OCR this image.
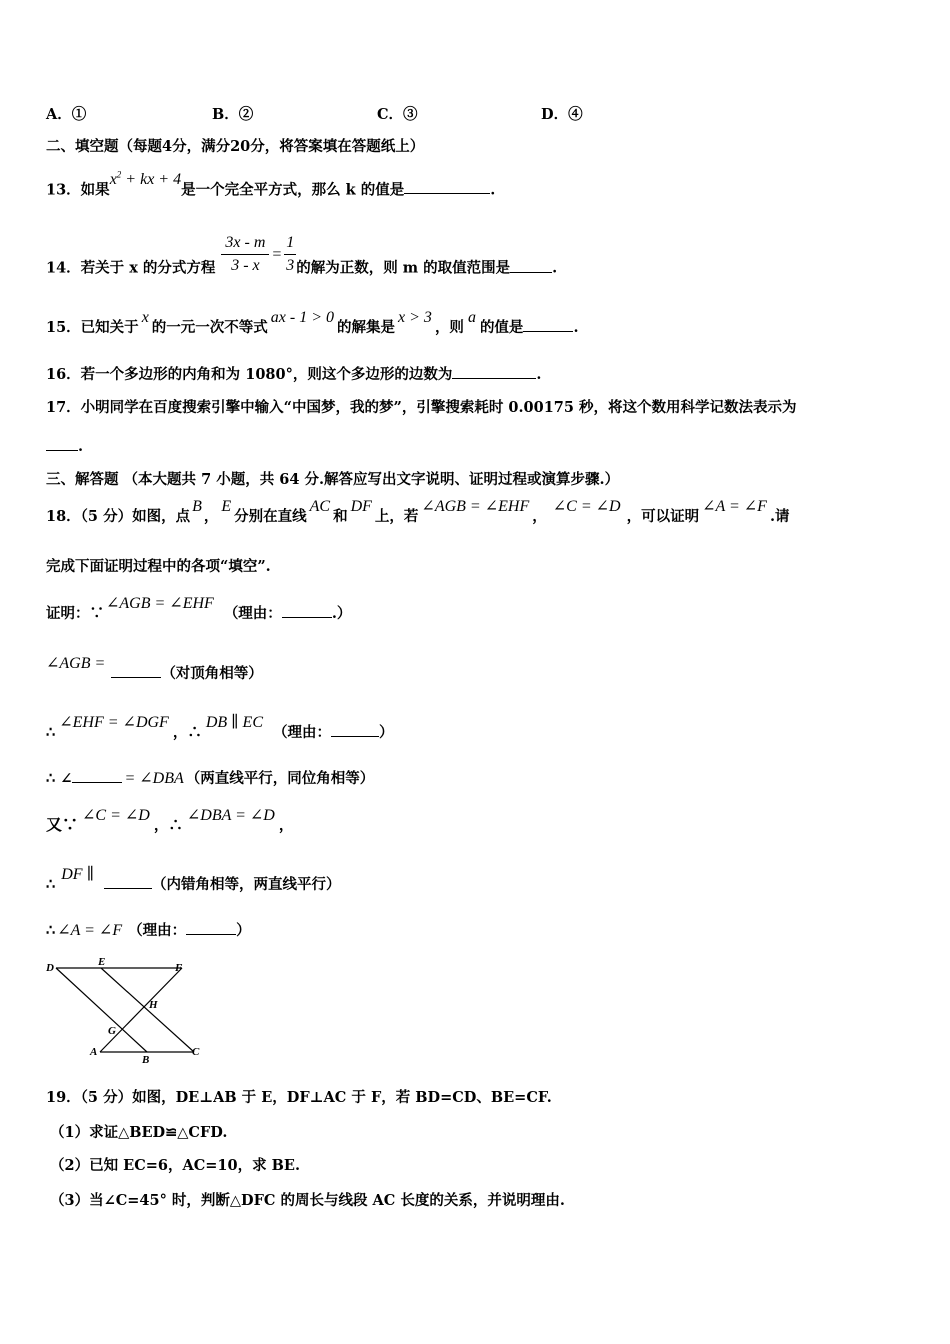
A．①	B．②	C．③	D．④
二、填空题（每题4分，满分20分，将答案填在答题纸上）
13．如果$x^2$ + kx + 4是一个完全平方式，那么 k 的值是	.
14．若关于 x 的分式方程 $\frac{3x - m}{3 - x} = \frac{1}{3}$ 的解为正数，则 m 的取值范围是	.
15．已知关于x的一元一次不等式ax - 1 > 0的解集是x > 3，则a的值是	.
16．若一个多边形的内角和为 1080°，则这个多边形的边数为	.
17．小明同学在百度搜索引擎中输入“中国梦，我的梦”，引擎搜索耗时 0.00175 秒，将这个数用科学记数法表示为
.
三、解答题 （本大题共 7 小题，共 64 分.解答应写出文字说明、证明过程或演算步骤.）
18．（5 分）如图，点B，E分别在直线AC和DF上，若∠AGB = ∠EHF，∠C = ∠D，可以证明∠A = ∠F.请
完成下面证明过程中的各项“填空”.
证明：∵∠AGB = ∠EHF（理由：	.）
∠AGB =（对顶角相等）
∴∠EHF = ∠DGF，∴DB ∥ EC（理由：	）
∴ ∠	= ∠DBA （两直线平行，同位角相等）
又∵ ∠C = ∠D，∴∠DBA = ∠D，
∴DF ∥（内错角相等，两直线平行）
∴ ∠A = ∠F （理由：	）
D	E	F
H
G
A
B
C
19．（5 分）如图，DE⊥AB 于 E，DF⊥AC 于 F，若 BD=CD、BE=CF.
（1）求证△BED≌△CFD.
（2）已知 EC=6，AC=10，求 BE.
（3）当∠C=45° 时，判断△DFC 的周长与线段 AC 长度的关系，并说明理由.
